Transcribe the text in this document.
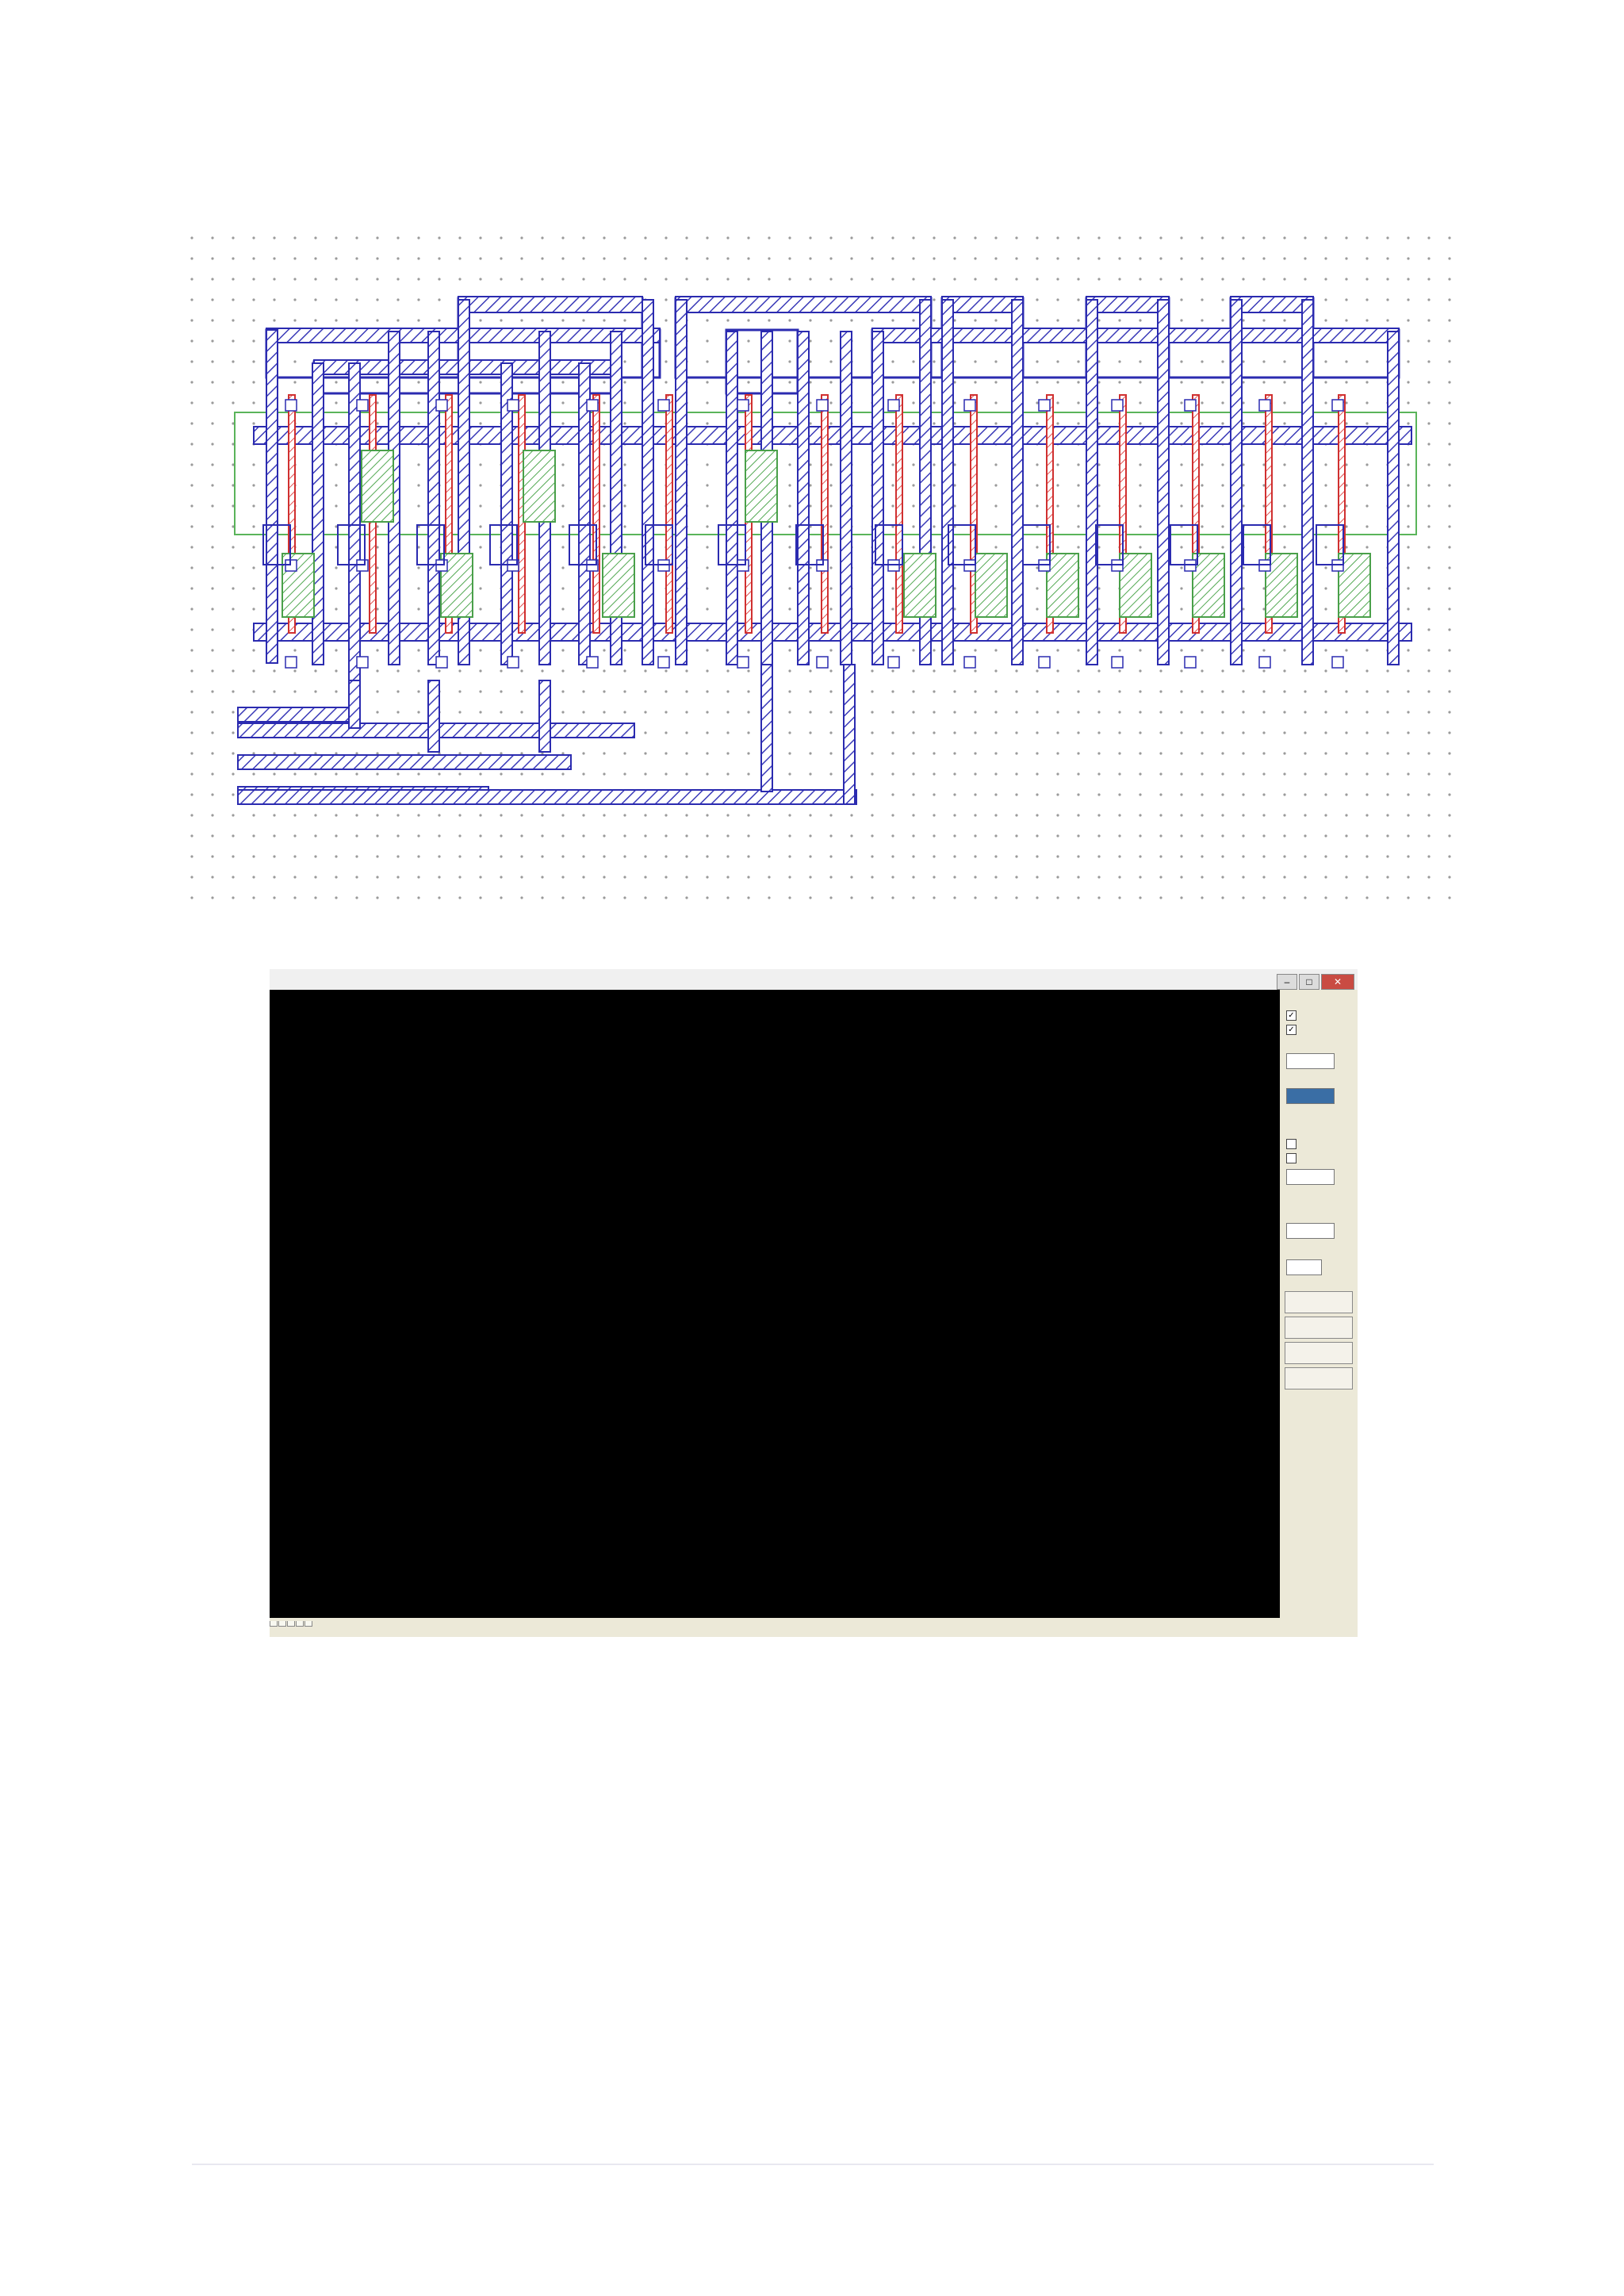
– □ ✕
✓
✓
